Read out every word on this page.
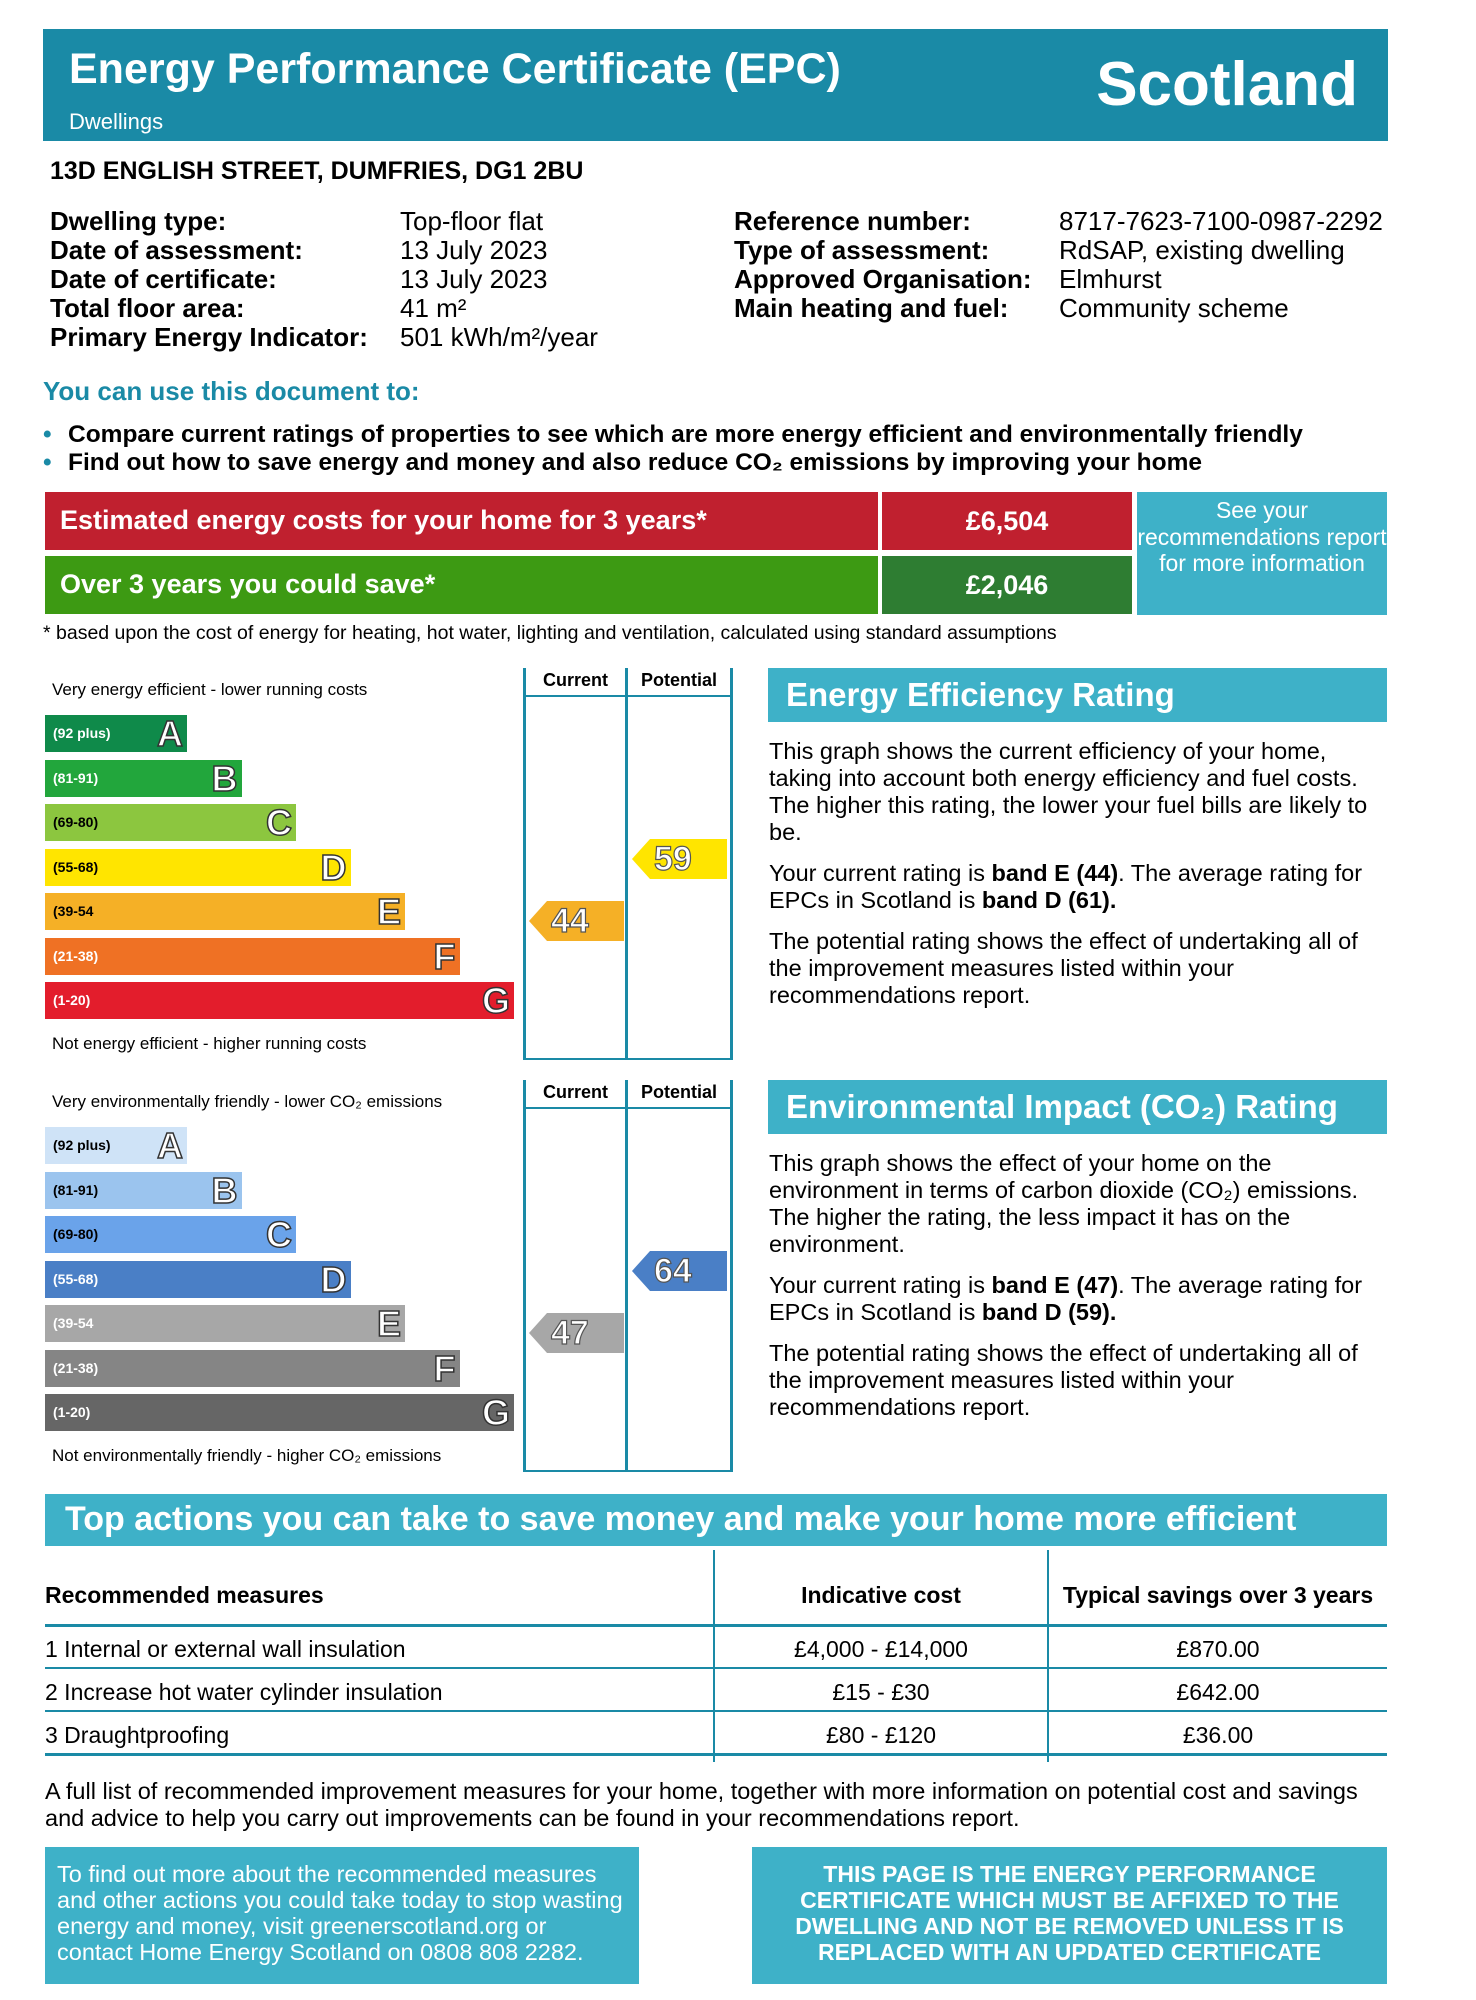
Energy Performance Certificate (EPC)
Dwellings
Scotland
13D ENGLISH STREET, DUMFRIES, DG1 2BU
Dwelling type:	Top-floor flat
Date of assessment:	13 July 2023
Date of certificate:	13 July 2023
Total floor area:	41 m²
Primary Energy Indicator: 501 kWh/m²/year
Reference number:	8717-7623-7100-0987-2292
Type of assessment:	RdSAP, existing dwelling
Approved Organisation: Elmhurst
Main heating and fuel: Community scheme
You can use this document to:
• Compare current ratings of properties to see which are more energy efficient and environmentally friendly
• Find out how to save energy and money and also reduce CO₂ emissions by improving your home
Estimated energy costs for your home for 3 years*	£6,504
Over 3 years you could save*	£2,046
See your recommendations report for more information
* based upon the cost of energy for heating, hot water, lighting and ventilation, calculated using standard assumptions
Current	Potential
Very energy efficient - lower running costs
Not energy efficient - higher running costs
(92 plus) A
(81-91)	B
(69-80)	C
(55-68)	D
(39-54	E
(21-38)	F
(1-20)	G
44
59
Current	Potential
Very environmentally friendly - lower CO₂ emissions
Not environmentally friendly - higher CO₂ emissions
(92 plus) A
(81-91)	B
(69-80)	C
(55-68)	D
(39-54	E
(21-38)	F
(1-20)	G
47
64
Energy Efficiency Rating

This graph shows the current efficiency of your home, taking into account both energy efficiency and fuel costs. The higher this rating, the lower your fuel bills are likely to be.

Your current rating is band E (44). The average rating for EPCs in Scotland is band D (61).

The potential rating shows the effect of undertaking all of the improvement measures listed within your recommendations report.

Environmental Impact (CO₂) Rating

This graph shows the effect of your home on the environment in terms of carbon dioxide (CO₂) emissions. The higher the rating, the less impact it has on the environment.

Your current rating is band E (47). The average rating for EPCs in Scotland is band D (59).

The potential rating shows the effect of undertaking all of the improvement measures listed within your recommendations report.

Top actions you can take to save money and make your home more efficient
Recommended measures	Indicative cost	Typical savings over 3 years
1 Internal or external wall insulation	£4,000 - £14,000	£870.00
2 Increase hot water cylinder insulation	£15 - £30	£642.00
3 Draughtproofing	£80 - £120	£36.00
A full list of recommended improvement measures for your home, together with more information on potential cost and savings and advice to help you carry out improvements can be found in your recommendations report.
To find out more about the recommended measures and other actions you could take today to stop wasting energy and money, visit greenerscotland.org or contact Home Energy Scotland on 0808 808 2282.
THIS PAGE IS THE ENERGY PERFORMANCE CERTIFICATE WHICH MUST BE AFFIXED TO THE DWELLING AND NOT BE REMOVED UNLESS IT IS REPLACED WITH AN UPDATED CERTIFICATE
